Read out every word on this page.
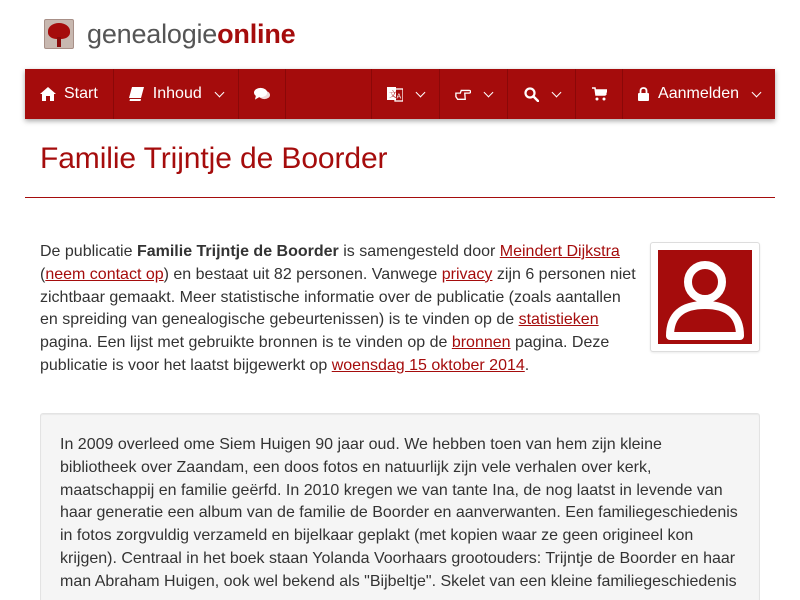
genealogieonline
Start	Inhoud	文 A	Aanmelden
Familie Trijntje de Boorder

De publicatie Familie Trijntje de Boorder is samengesteld door Meindert Dijkstra
(neem contact op) en bestaat uit 82 personen. Vanwege privacy zijn 6 personen niet zichtbaar gemaakt. Meer statistische informatie over de publicatie (zoals aantallen en spreiding van genealogische gebeurtenissen) is te vinden op de statistieken pagina. Een lijst met gebruikte bronnen is te vinden op de bronnen pagina. Deze publicatie is voor het laatst bijgewerkt op woensdag 15 oktober 2014.

In 2009 overleed ome Siem Huigen 90 jaar oud. We hebben toen van hem zijn kleine bibliotheek over Zaandam, een doos fotos en natuurlijk zijn vele verhalen over kerk, maatschappij en familie geërfd. In 2010 kregen we van tante Ina, de nog laatst in levende van haar generatie een album van de familie de Boorder en aanverwanten. Een familiegeschiedenis in fotos zorgvuldig verzameld en bijelkaar geplakt (met kopien waar ze geen origineel kon krijgen). Centraal in het boek staan Yolanda Voorhaars grootouders: Trijntje de Boorder en haar man Abraham Huigen, ook wel bekend als "Bijbeltje". Skelet van een kleine familiegeschiedenis
